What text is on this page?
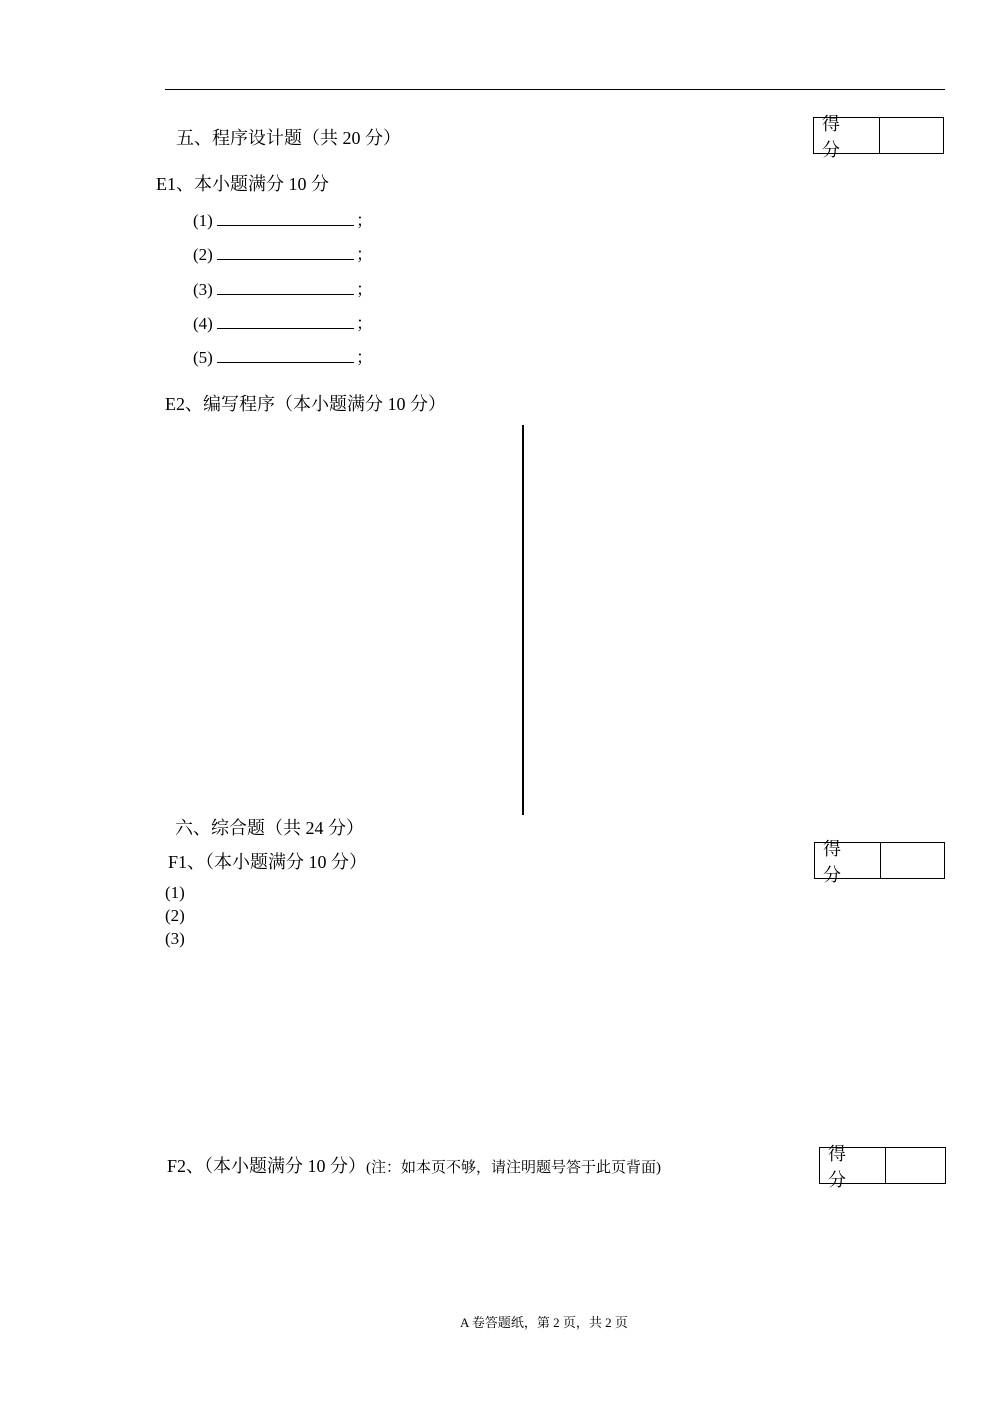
五、程序设计题（共 20 分）
得 分
E1、本小题满分 10 分
(1)	；
(2)	；
(3)	；
(4)	；
(5)	；
E2、编写程序（本小题满分 10 分）
六、综合题（共 24 分）
F1、（本小题满分 10 分）
得 分
(1)
(2)
(3)
F2、（本小题满分 10 分）(注：如本页不够，请注明题号答于此页背面)
得 分
A 卷答题纸，第 2 页，共 2 页
